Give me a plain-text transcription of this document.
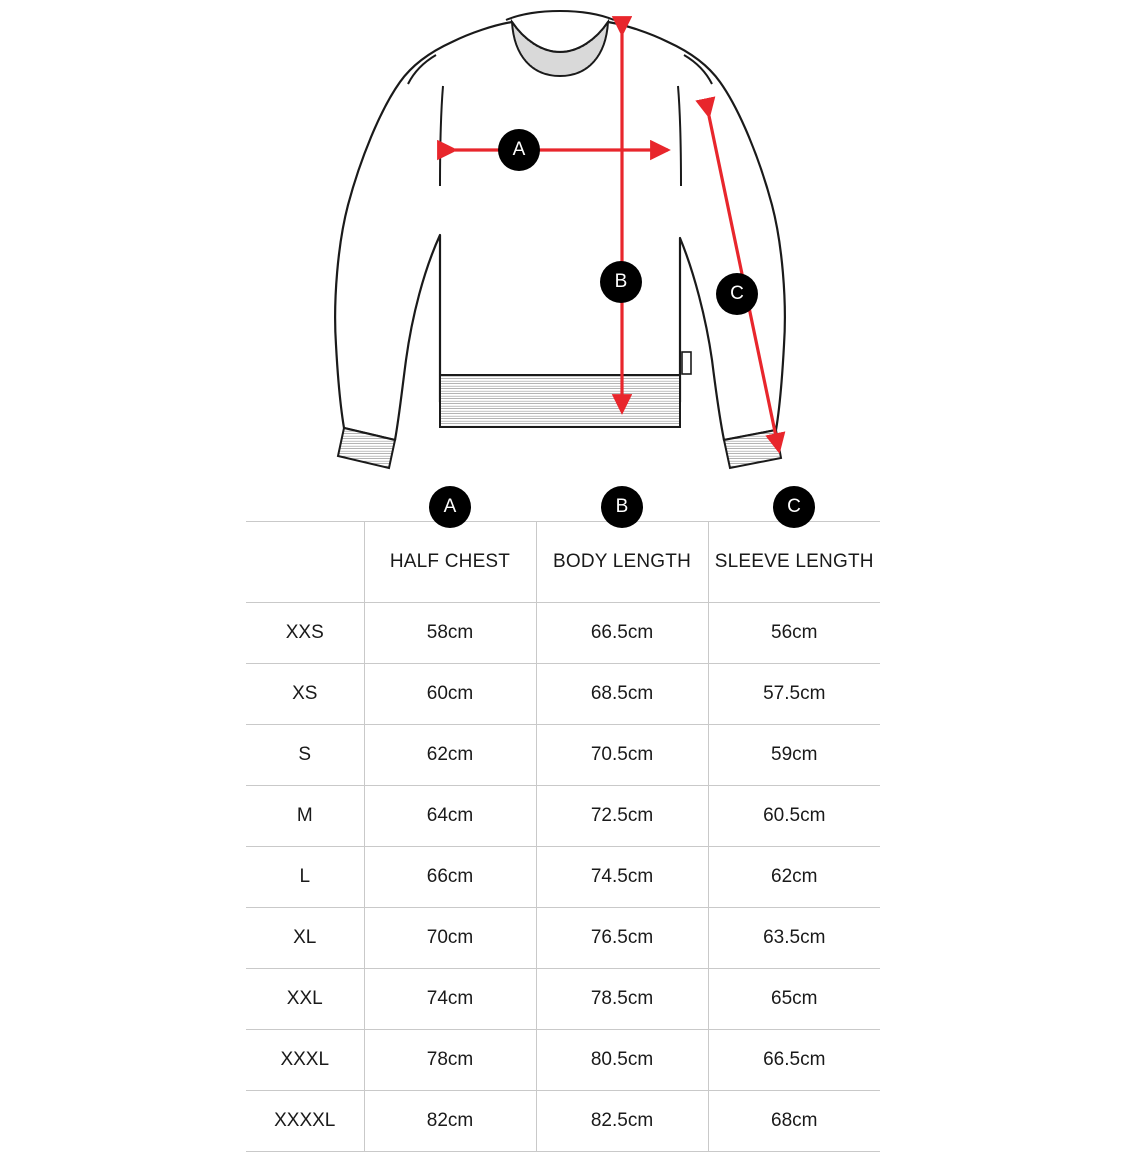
A
B
C

	A	B	C

	HALF CHEST	BODY LENGTH	SLEEVE LENGTH
XXS	58cm	66.5cm	56cm
XS	60cm	68.5cm	57.5cm
S	62cm	70.5cm	59cm
M	64cm	72.5cm	60.5cm
L	66cm	74.5cm	62cm
XL	70cm	76.5cm	63.5cm
XXL	74cm	78.5cm	65cm
XXXL	78cm	80.5cm	66.5cm
XXXXL	82cm	82.5cm	68cm
